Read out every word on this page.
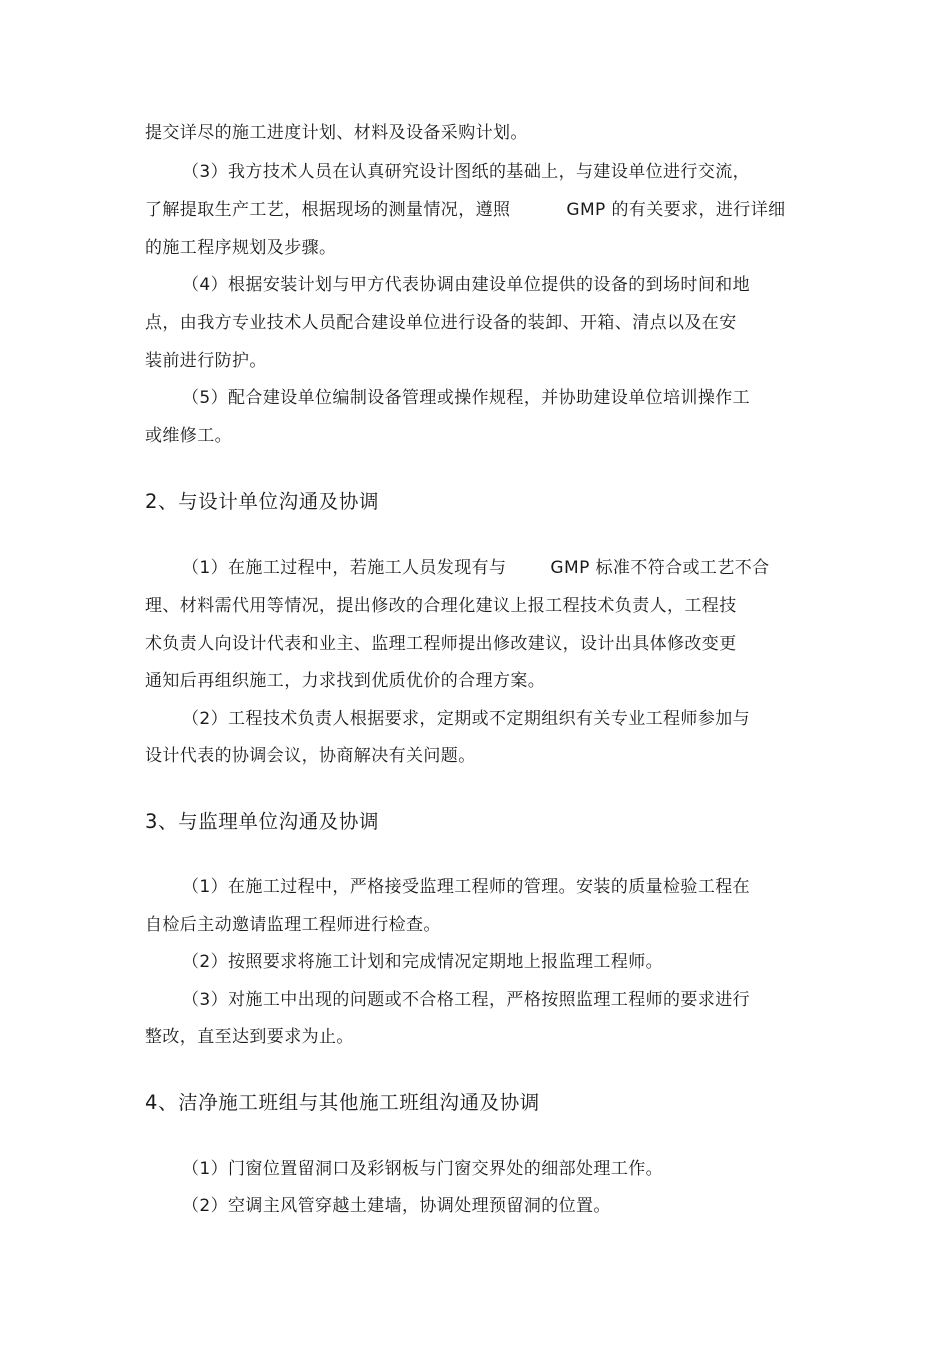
提交详尽的施工进度计划、材料及设备采购计划。
（3）我方技术人员在认真研究设计图纸的基础上，与建设单位进行交流，
了解提取生产工艺，根据现场的测量情况，遵照	GMP 的有关要求，进行详细
的施工程序规划及步骤。
（4）根据安装计划与甲方代表协调由建设单位提供的设备的到场时间和地
点，由我方专业技术人员配合建设单位进行设备的装卸、开箱、清点以及在安
装前进行防护。
（5）配合建设单位编制设备管理或操作规程，并协助建设单位培训操作工
或维修工。
2、与设计单位沟通及协调
（1）在施工过程中，若施工人员发现有与	GMP 标准不符合或工艺不合
理、材料需代用等情况，提出修改的合理化建议上报工程技术负责人，工程技
术负责人向设计代表和业主、监理工程师提出修改建议，设计出具体修改变更
通知后再组织施工，力求找到优质优价的合理方案。
（2）工程技术负责人根据要求，定期或不定期组织有关专业工程师参加与
设计代表的协调会议，协商解决有关问题。
3、与监理单位沟通及协调
（1）在施工过程中，严格接受监理工程师的管理。安装的质量检验工程在
自检后主动邀请监理工程师进行检查。
（2）按照要求将施工计划和完成情况定期地上报监理工程师。
（3）对施工中出现的问题或不合格工程，严格按照监理工程师的要求进行
整改，直至达到要求为止。
4、洁净施工班组与其他施工班组沟通及协调
（1）门窗位置留洞口及彩钢板与门窗交界处的细部处理工作。
（2）空调主风管穿越土建墙，协调处理预留洞的位置。
